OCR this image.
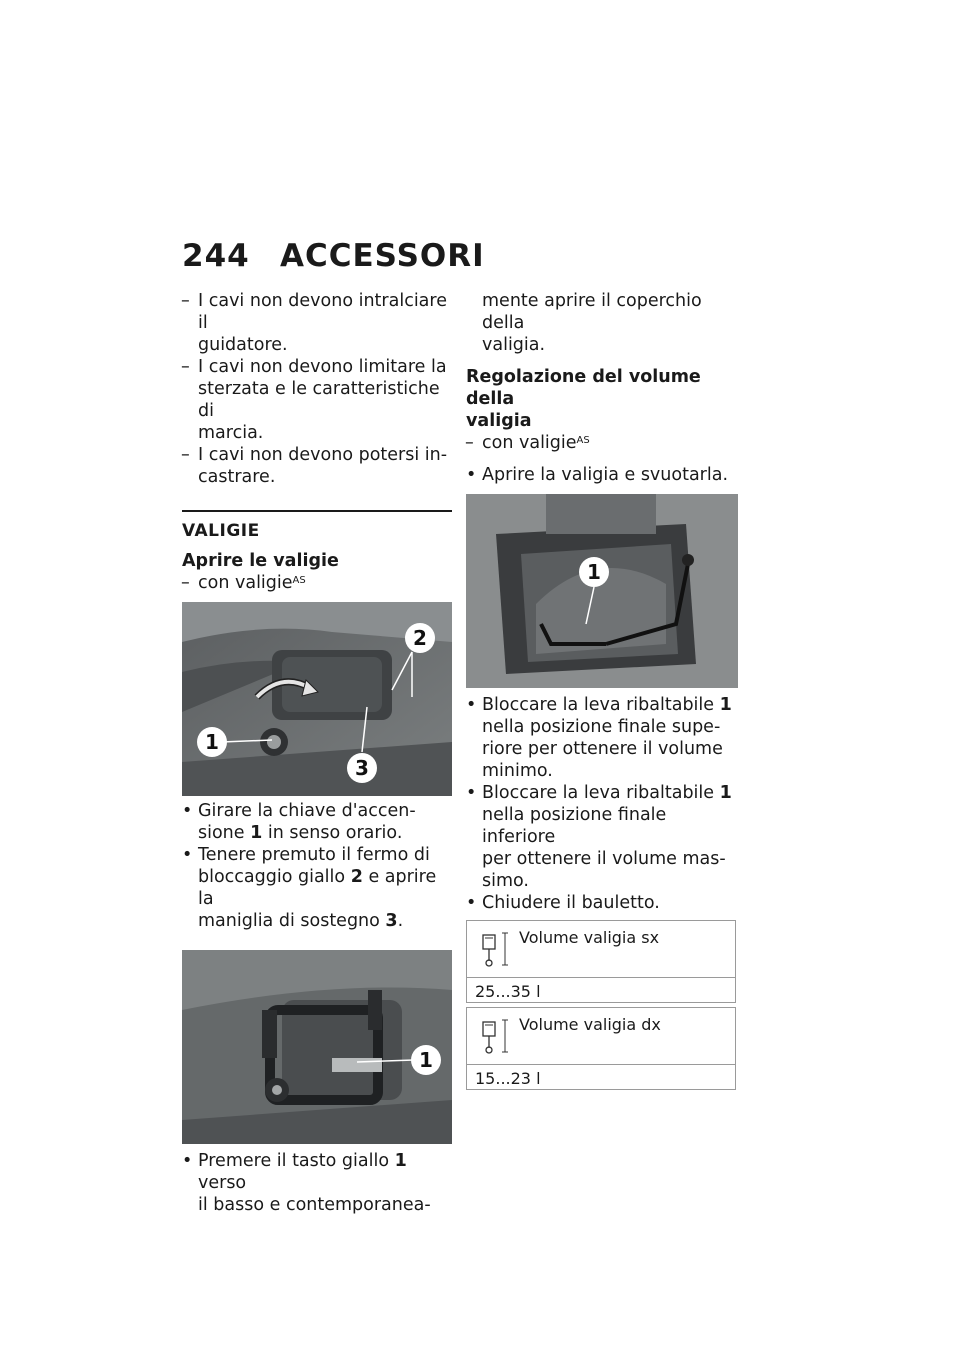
244 ACCESSORI
– I cavi non devono intralciare il
guidatore.
– I cavi non devono limitare la
sterzata e le caratteristiche di
marcia.
– I cavi non devono potersi in-
castrare.
VALIGIE
Aprire le valigie
– con valigie$^{AS}$
1
2
3
• Girare la chiave d'accen-
sione 1 in senso orario.
• Tenere premuto il fermo di
bloccaggio giallo 2 e aprire la
maniglia di sostegno 3.
1
• Premere il tasto giallo 1 verso
il basso e contemporanea-
mente aprire il coperchio della
valigia.
Regolazione del volume della
valigia
– con valigie$^{AS}$
• Aprire la valigia e svuotarla.
1
• Bloccare la leva ribaltabile 1
nella posizione finale supe-
riore per ottenere il volume
minimo.
• Bloccare la leva ribaltabile 1
nella posizione finale inferiore
per ottenere il volume mas-
simo.
• Chiudere il bauletto.
Volume valigia sx
25...35 l
Volume valigia dx
15...23 l
